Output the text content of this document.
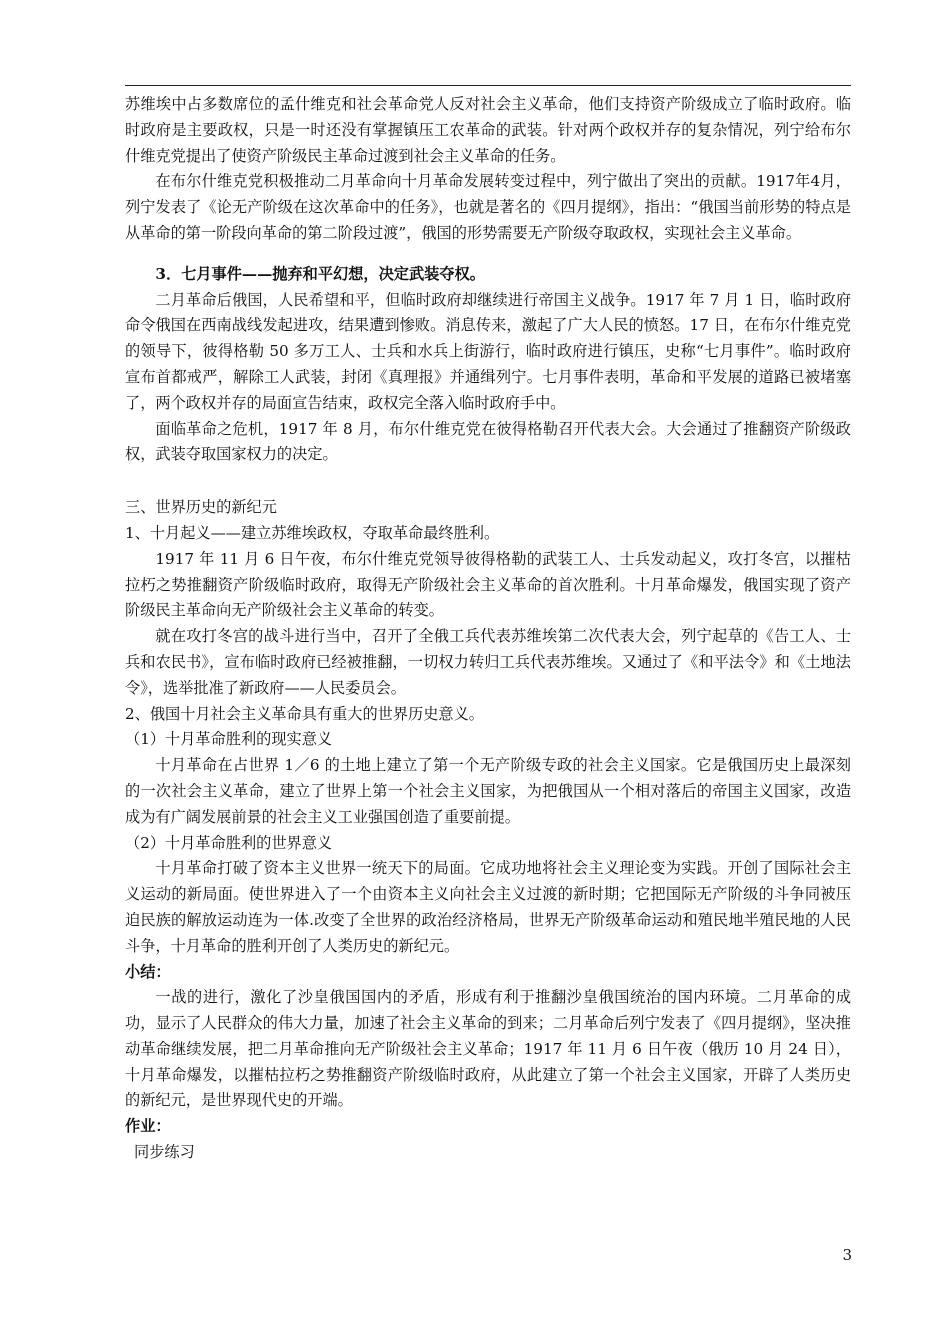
苏维埃中占多数席位的孟什维克和社会革命党人反对社会主义革命，他们支持资产阶级成立了临时政府。临时政府是主要政权，只是一时还没有掌握镇压工农革命的武装。针对两个政权并存的复杂情况，列宁给布尔什维克党提出了使资产阶级民主革命过渡到社会主义革命的任务。

在布尔什维克党积极推动二月革命向十月革命发展转变过程中，列宁做出了突出的贡献。1917年4月，列宁发表了《论无产阶级在这次革命中的任务》，也就是著名的《四月提纲》，指出：“俄国当前形势的特点是从革命的第一阶段向革命的第二阶段过渡”，俄国的形势需要无产阶级夺取政权，实现社会主义革命。

3．七月事件——抛弃和平幻想，决定武装夺权。

二月革命后俄国，人民希望和平，但临时政府却继续进行帝国主义战争。1917 年 7 月 1 日，临时政府命令俄国在西南战线发起进攻，结果遭到惨败。消息传来，激起了广大人民的愤怒。17 日，在布尔什维克党的领导下，彼得格勒 50 多万工人、士兵和水兵上街游行，临时政府进行镇压，史称“七月事件”。临时政府宣布首都戒严，解除工人武装，封闭《真理报》并通缉列宁。七月事件表明，革命和平发展的道路已被堵塞了，两个政权并存的局面宣告结束，政权完全落入临时政府手中。

面临革命之危机，1917 年 8 月，布尔什维克党在彼得格勒召开代表大会。大会通过了推翻资产阶级政权，武装夺取国家权力的决定。

三、世界历史的新纪元

1、十月起义——建立苏维埃政权，夺取革命最终胜利。

1917 年 11 月 6 日午夜，布尔什维克党领导彼得格勒的武装工人、士兵发动起义，攻打冬宫，以摧枯拉朽之势推翻资产阶级临时政府，取得无产阶级社会主义革命的首次胜利。十月革命爆发，俄国实现了资产阶级民主革命向无产阶级社会主义革命的转变。

就在攻打冬宫的战斗进行当中，召开了全俄工兵代表苏维埃第二次代表大会，列宁起草的《告工人、士兵和农民书》，宣布临时政府已经被推翻，一切权力转归工兵代表苏维埃。又通过了《和平法令》和《土地法令》，选举批准了新政府——人民委员会。

2、俄国十月社会主义革命具有重大的世界历史意义。

（1）十月革命胜利的现实意义

十月革命在占世界 1／6 的土地上建立了第一个无产阶级专政的社会主义国家。它是俄国历史上最深刻的一次社会主义革命，建立了世界上第一个社会主义国家，为把俄国从一个相对落后的帝国主义国家，改造成为有广阔发展前景的社会主义工业强国创造了重要前提。

（2）十月革命胜利的世界意义

十月革命打破了资本主义世界一统天下的局面。它成功地将社会主义理论变为实践。开创了国际社会主义运动的新局面。使世界进入了一个由资本主义向社会主义过渡的新时期；它把国际无产阶级的斗争同被压迫民族的解放运动连为一体.改变了全世界的政治经济格局，世界无产阶级革命运动和殖民地半殖民地的人民斗争，十月革命的胜利开创了人类历史的新纪元。

小结：

一战的进行，激化了沙皇俄国国内的矛盾，形成有利于推翻沙皇俄国统治的国内环境。二月革命的成功，显示了人民群众的伟大力量，加速了社会主义革命的到来；二月革命后列宁发表了《四月提纲》，坚决推动革命继续发展，把二月革命推向无产阶级社会主义革命；1917 年 11 月 6 日午夜（俄历 10 月 24 日），十月革命爆发，以摧枯拉朽之势推翻资产阶级临时政府，从此建立了第一个社会主义国家，开辟了人类历史的新纪元，是世界现代史的开端。

作业：

同步练习

3
